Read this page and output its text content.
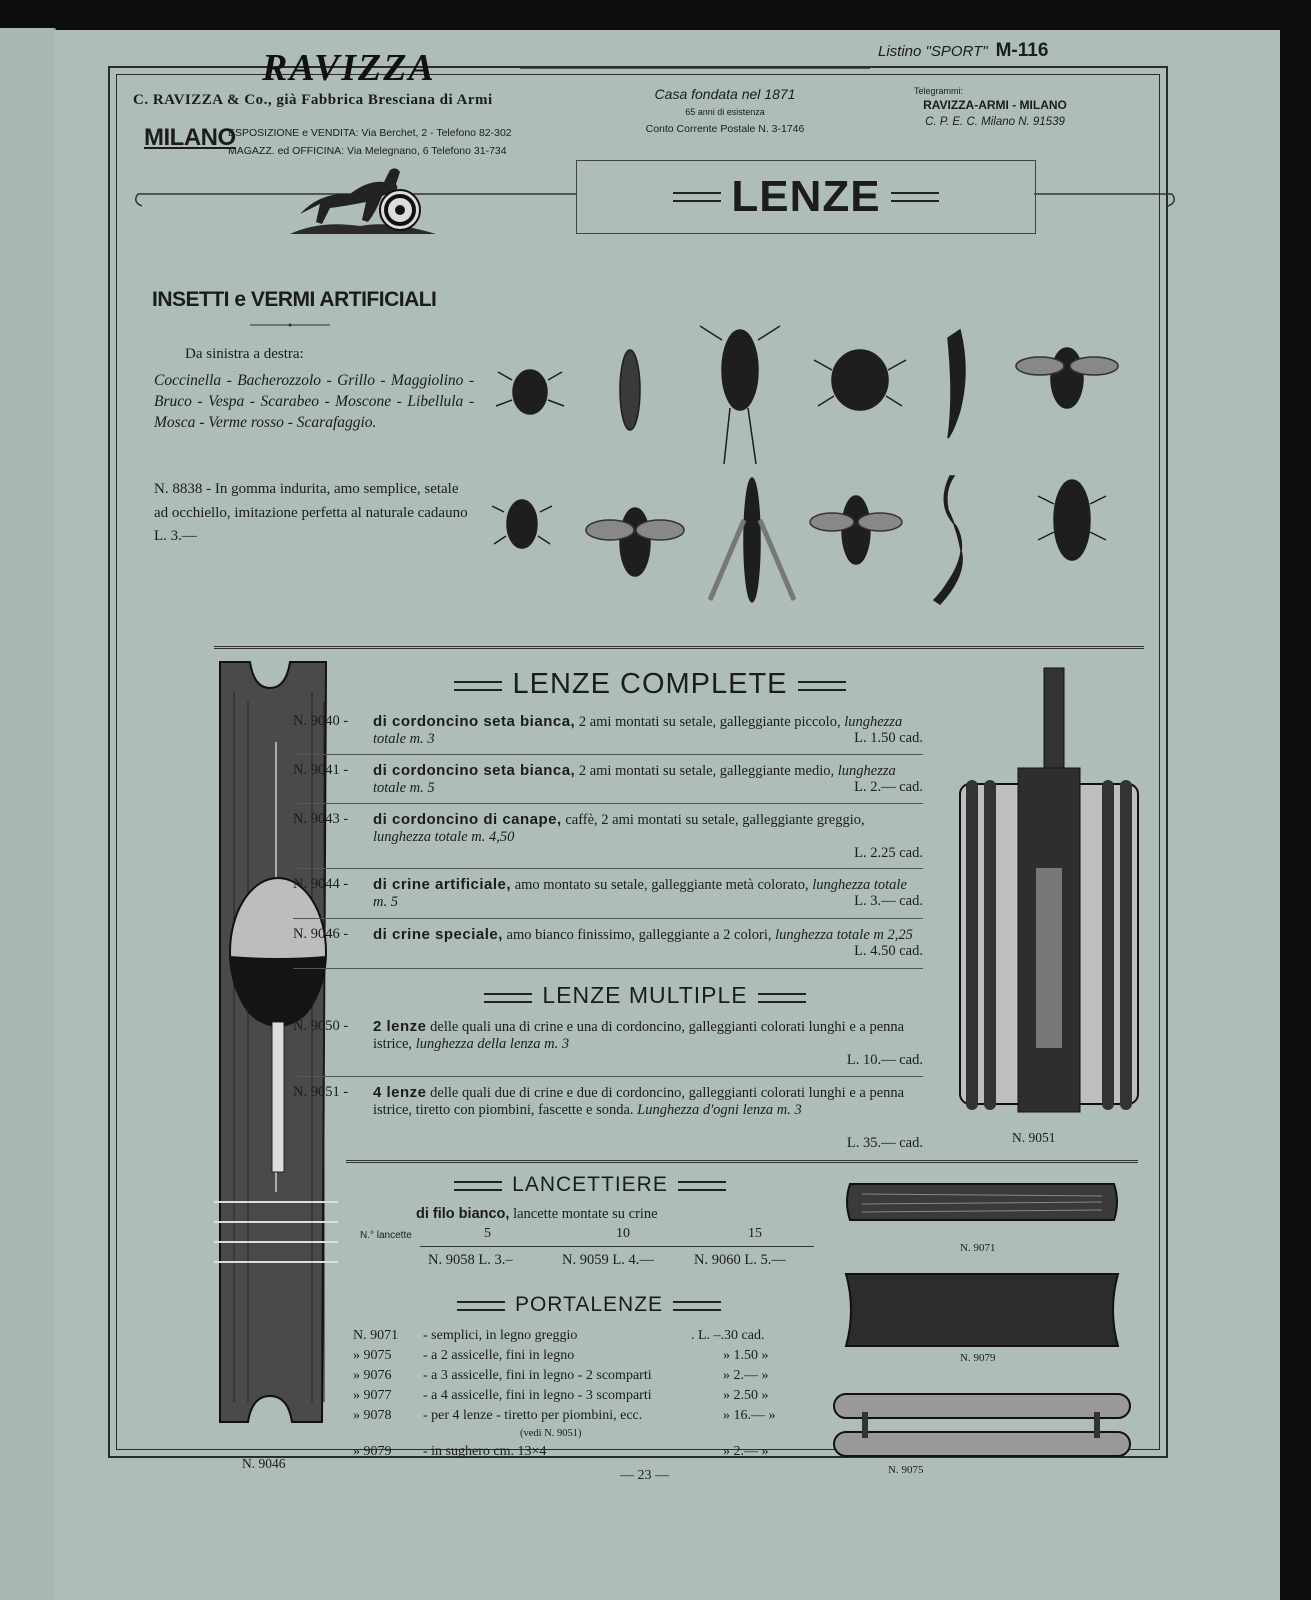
RAVIZZA
C. RAVIZZA & Co., già Fabbrica Bresciana di Armi
MILANO
ESPOSIZIONE e VENDITA: Via Berchet, 2 - Telefono 82-302
MAGAZZ. ed OFFICINA: Via Melegnano, 6 Telefono 31-734
Listino "SPORT" M-116
Casa fondata nel 1871
65 anni di esistenza
Conto Corrente Postale N. 3-1746
Telegrammi:
RAVIZZA-ARMI - MILANO
C. P. E. C. Milano N. 91539
LENZE
INSETTI e VERMI ARTIFICIALI
Da sinistra a destra:
Coccinella - Bacherozzolo - Grillo - Maggiolino - Bruco - Vespa - Scarabeo - Moscone - Libellula - Mosca - Verme rosso - Scarafaggio.
N. 8838 - In gomma indurita, amo semplice, setale ad occhiello, imitazione perfetta al naturale cadauno L. 3.—
N. 9046
N. 9051
LENZE COMPLETE
N. 9040 - di cordoncino seta bianca, 2 ami montati su setale, galleggiante piccolo, lunghezza totale m. 3	L. 1.50 cad.
N. 9041 - di cordoncino seta bianca, 2 ami montati su setale, galleggiante medio, lunghezza totale m. 5	L. 2.— cad.
N. 9043 - di cordoncino di canape, caffè, 2 ami montati su setale, galleggiante greggio, lunghezza totale m. 4,50
L. 2.25 cad.
N. 9044 - di crine artificiale, amo montato su setale, galleggiante metà colorato, lunghezza totale m. 5	L. 3.— cad.
N. 9046 - di crine speciale, amo bianco finissimo, galleggiante a 2 colori, lunghezza totale m 2,25
L. 4.50 cad.
LENZE MULTIPLE
N. 9050 - 2 lenze delle quali una di crine e una di cordoncino, galleggianti colorati lunghi e a penna istrice, lunghezza della lenza m. 3
L. 10.— cad.
N. 9051 - 4 lenze delle quali due di crine e due di cordoncino, galleggianti colorati lunghi e a penna istrice, tiretto con piombini, fascette e sonda. Lunghezza d'ogni lenza m. 3
L. 35.— cad.
LANCETTIERE
di filo bianco, lancette montate su crine
N.° lancette	5	10	15
N. 9058 L. 3.–	N. 9059 L. 4.—	N. 9060 L. 5.—
PORTALENZE
N. 9071 - semplici, in legno greggio	. L. –.30 cad.
» 9075 - a 2 assicelle, fini in legno	» 1.50 »
» 9076 - a 3 assicelle, fini in legno - 2 scomparti	» 2.— »
» 9077 - a 4 assicelle, fini in legno - 3 scomparti	» 2.50 »
» 9078 - per 4 lenze - tiretto per piombini, ecc.	» 16.— »
(vedi N. 9051)
» 9079 - in sughero cm. 13×4	» 2.— »
N. 9071
N. 9079
N. 9075
— 23 —
